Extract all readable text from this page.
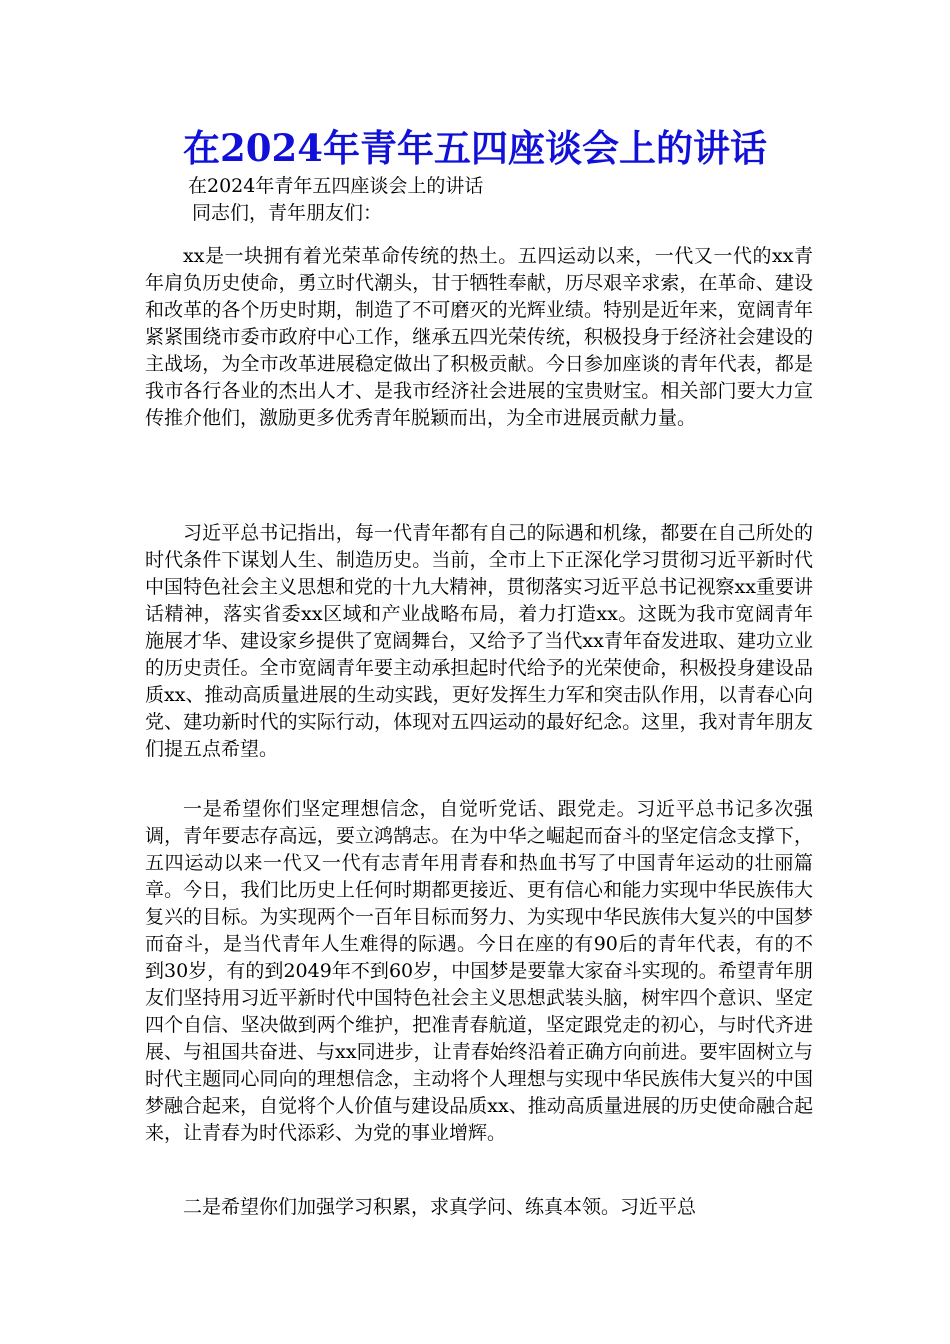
在2024年青年五四座谈会上的讲话
在2024年青年五四座谈会上的讲话
同志们，青年朋友们：

xx是一块拥有着光荣革命传统的热土。五四运动以来，一代又一代的xx青年肩负历史使命，勇立时代潮头，甘于牺牲奉献，历尽艰辛求索，在革命、建设和改革的各个历史时期，制造了不可磨灭的光辉业绩。特别是近年来，宽阔青年紧紧围绕市委市政府中心工作，继承五四光荣传统，积极投身于经济社会建设的主战场，为全市改革进展稳定做出了积极贡献。今日参加座谈的青年代表，都是我市各行各业的杰出人才、是我市经济社会进展的宝贵财宝。相关部门要大力宣传推介他们，激励更多优秀青年脱颖而出，为全市进展贡献力量。

习近平总书记指出，每一代青年都有自己的际遇和机缘，都要在自己所处的时代条件下谋划人生、制造历史。当前，全市上下正深化学习贯彻习近平新时代中国特色社会主义思想和党的十九大精神，贯彻落实习近平总书记视察xx重要讲话精神，落实省委xx区域和产业战略布局，着力打造xx。这既为我市宽阔青年施展才华、建设家乡提供了宽阔舞台，又给予了当代xx青年奋发进取、建功立业的历史责任。全市宽阔青年要主动承担起时代给予的光荣使命，积极投身建设品质xx、推动高质量进展的生动实践，更好发挥生力军和突击队作用，以青春心向党、建功新时代的实际行动，体现对五四运动的最好纪念。这里，我对青年朋友们提五点希望。

一是希望你们坚定理想信念，自觉听党话、跟党走。习近平总书记多次强调，青年要志存高远，要立鸿鹄志。在为中华之崛起而奋斗的坚定信念支撑下，五四运动以来一代又一代有志青年用青春和热血书写了中国青年运动的壮丽篇章。今日，我们比历史上任何时期都更接近、更有信心和能力实现中华民族伟大复兴的目标。为实现两个一百年目标而努力、为实现中华民族伟大复兴的中国梦而奋斗，是当代青年人生难得的际遇。今日在座的有90后的青年代表，有的不到30岁，有的到2049年不到60岁，中国梦是要靠大家奋斗实现的。希望青年朋友们坚持用习近平新时代中国特色社会主义思想武装头脑，树牢四个意识、坚定四个自信、坚决做到两个维护，把准青春航道，坚定跟党走的初心，与时代齐进展、与祖国共奋进、与xx同进步，让青春始终沿着正确方向前进。要牢固树立与时代主题同心同向的理想信念，主动将个人理想与实现中华民族伟大复兴的中国梦融合起来，自觉将个人价值与建设品质xx、推动高质量进展的历史使命融合起来，让青春为时代添彩、为党的事业增辉。

二是希望你们加强学习积累，求真学问、练真本领。习近平总
